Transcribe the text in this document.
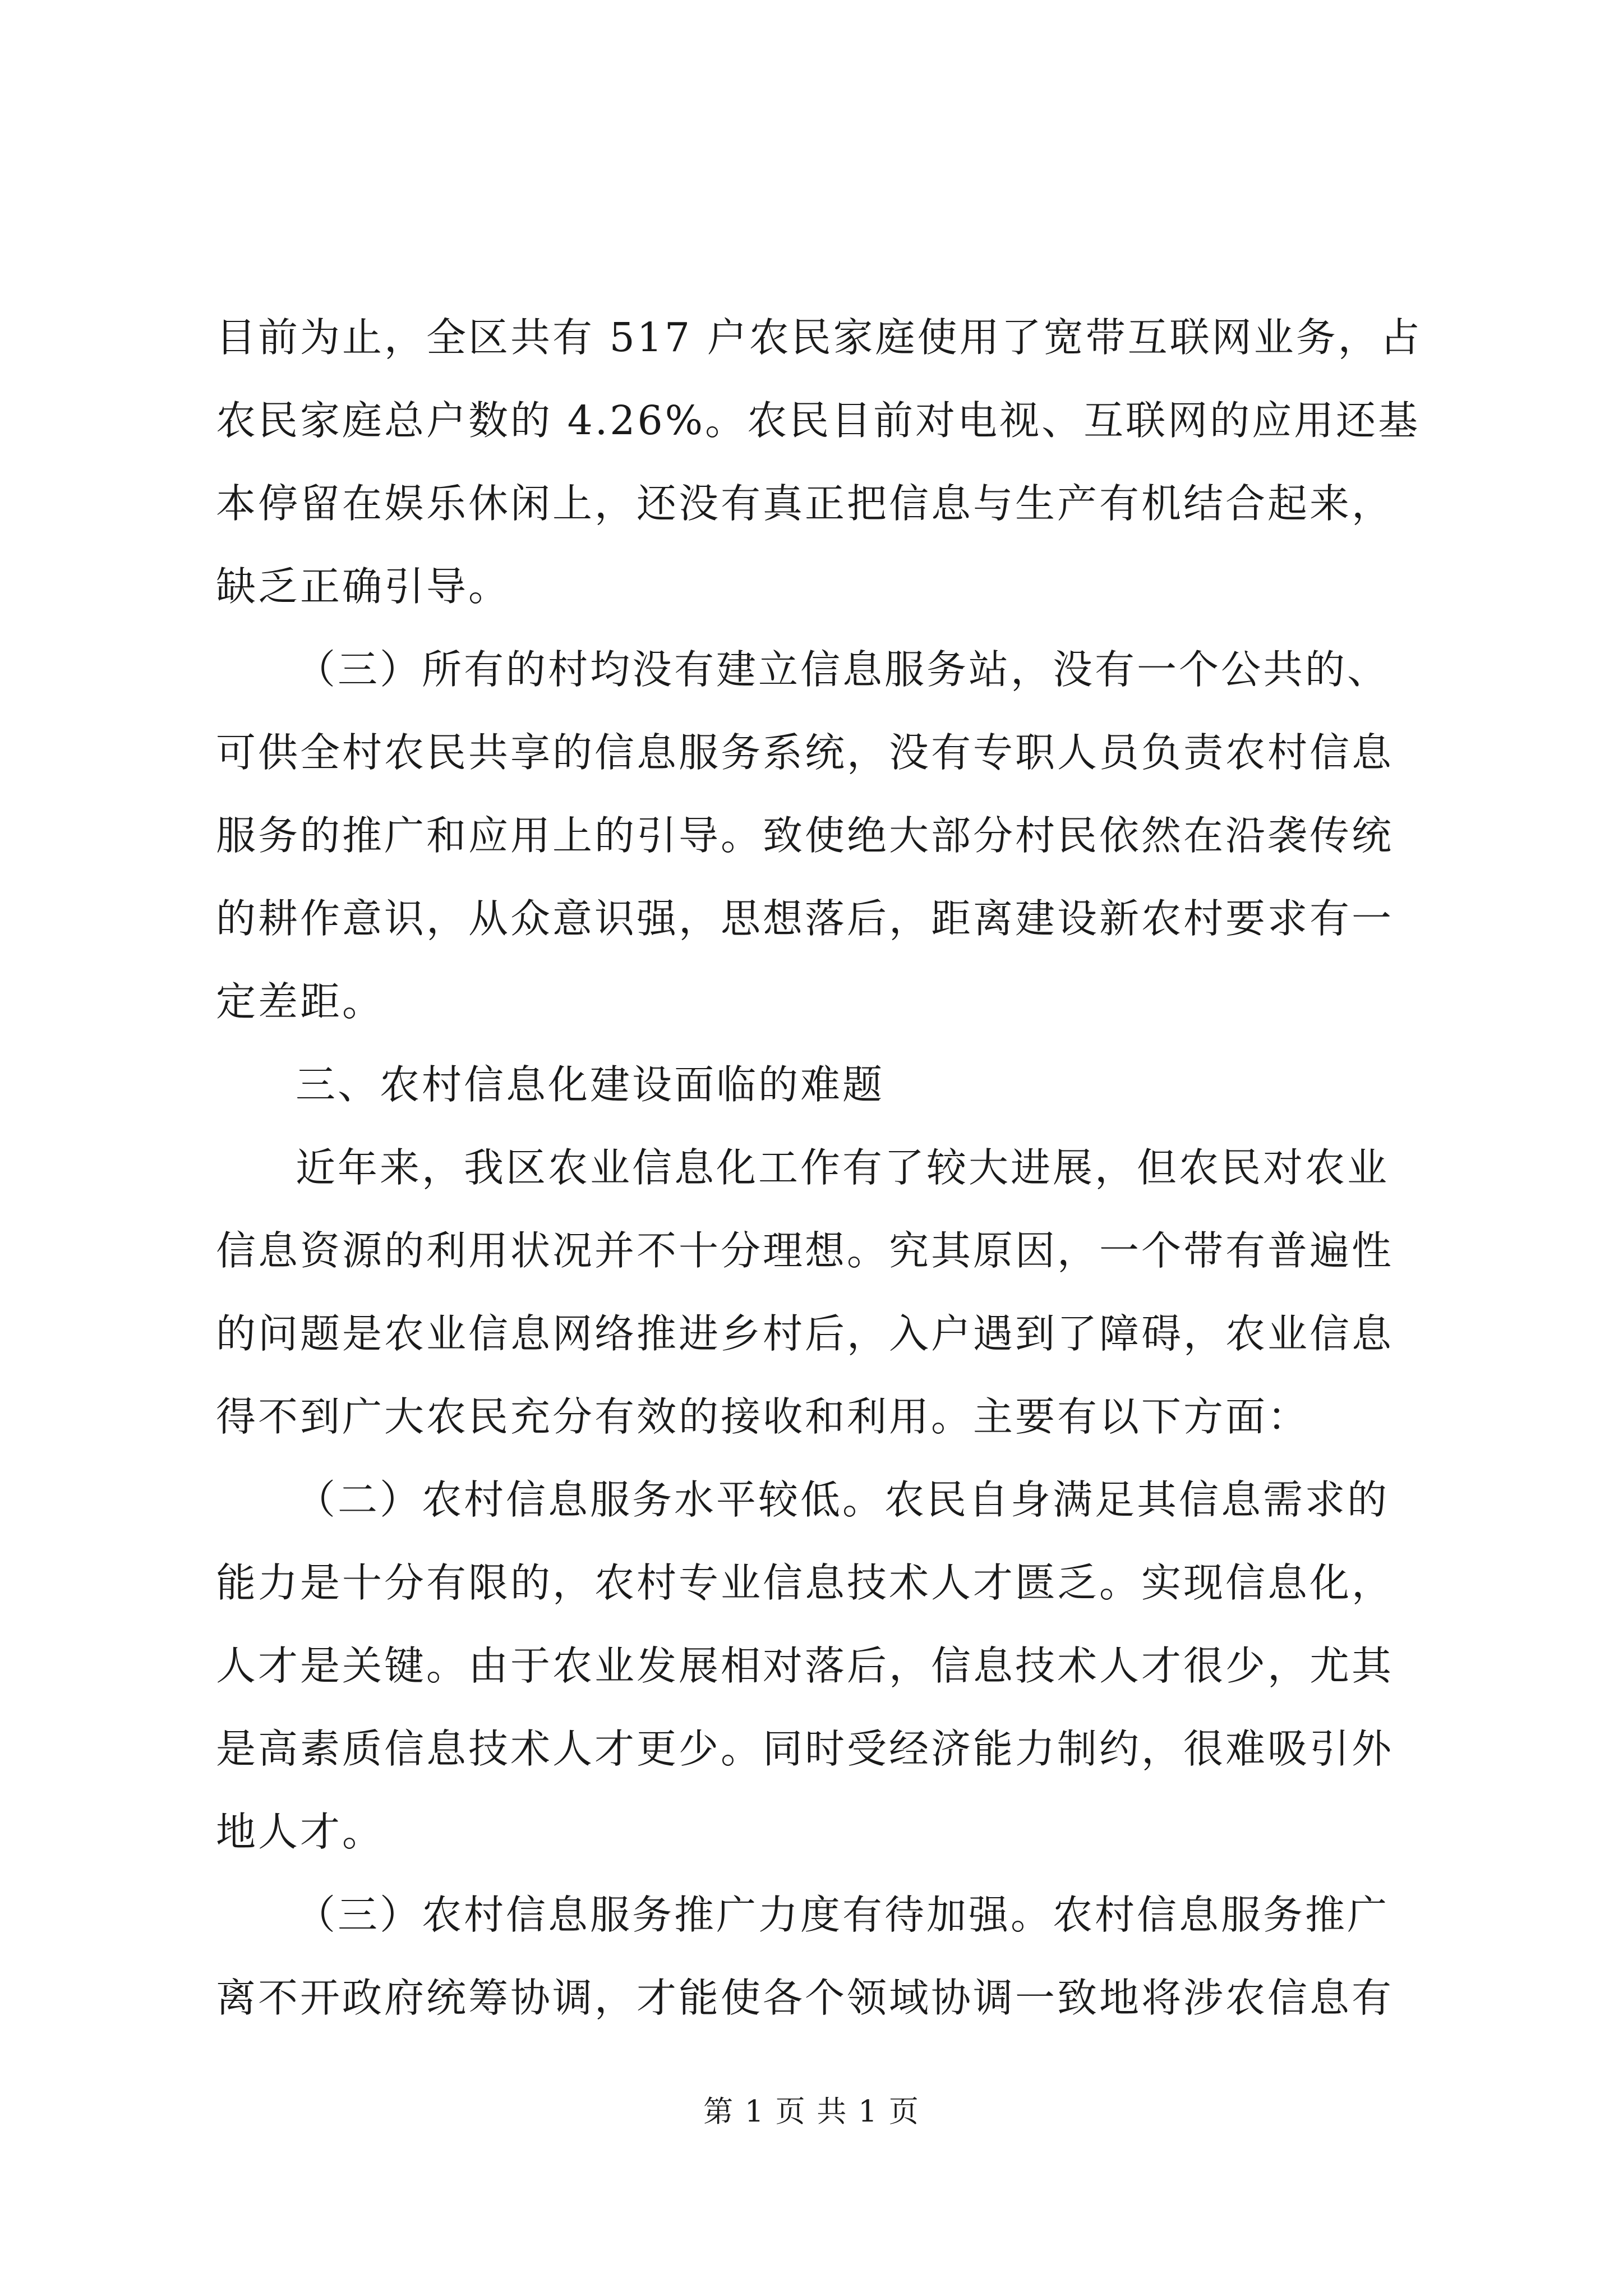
目前为止，全区共有 517 户农民家庭使用了宽带互联网业务，占
农民家庭总户数的 4.26%。农民目前对电视、互联网的应用还基
本停留在娱乐休闲上，还没有真正把信息与生产有机结合起来，
缺乏正确引导。

（三）所有的村均没有建立信息服务站，没有一个公共的、
可供全村农民共享的信息服务系统，没有专职人员负责农村信息
服务的推广和应用上的引导。致使绝大部分村民依然在沿袭传统
的耕作意识，从众意识强，思想落后，距离建设新农村要求有一
定差距。

三、农村信息化建设面临的难题

近年来，我区农业信息化工作有了较大进展，但农民对农业
信息资源的利用状况并不十分理想。究其原因，一个带有普遍性
的问题是农业信息网络推进乡村后，入户遇到了障碍，农业信息
得不到广大农民充分有效的接收和利用。主要有以下方面：

（二）农村信息服务水平较低。农民自身满足其信息需求的
能力是十分有限的，农村专业信息技术人才匮乏。实现信息化，
人才是关键。由于农业发展相对落后，信息技术人才很少，尤其
是高素质信息技术人才更少。同时受经济能力制约，很难吸引外
地人才。

（三）农村信息服务推广力度有待加强。农村信息服务推广
离不开政府统筹协调，才能使各个领域协调一致地将涉农信息有

第 1 页 共 1 页
